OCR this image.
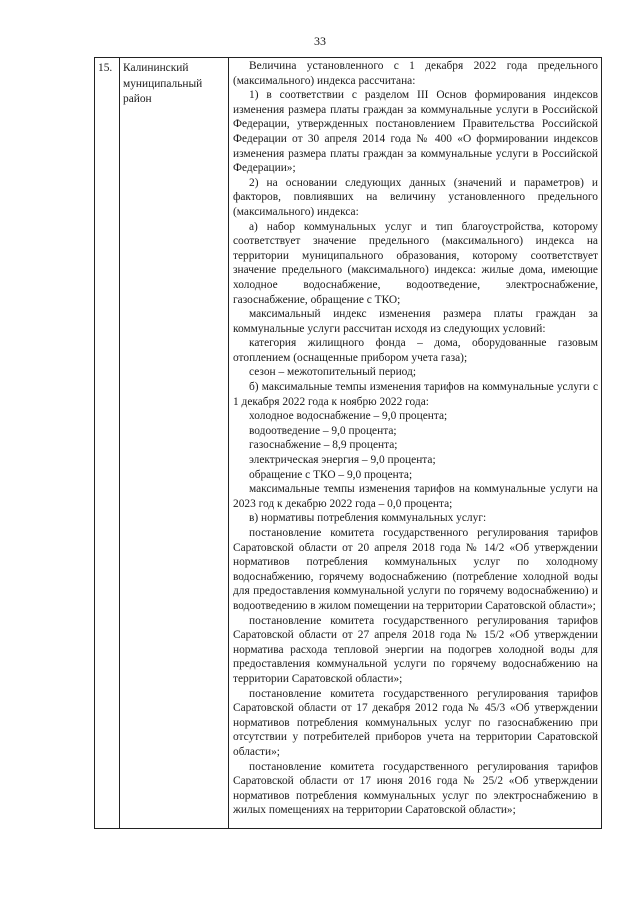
33
15. Калининский муниципальный район

Величина установленного с 1 декабря 2022 года предельного (максимального) индекса рассчитана:

1) в соответствии с разделом III Основ формирования индексов изменения размера платы граждан за коммунальные услуги в Российской Федерации, утвержденных постановлением Правительства Российской Федерации от 30 апреля 2014 года № 400 «О формировании индексов изменения размера платы граждан за коммунальные услуги в Российской Федерации»;

2) на основании следующих данных (значений и параметров) и факторов, повлиявших на величину установленного предельного (максимального) индекса:

а) набор коммунальных услуг и тип благоустройства, которому соответствует значение предельного (максимального) индекса на территории муниципального образования, которому соответствует значение предельного (максимального) индекса: жилые дома, имеющие холодное водоснабжение, водоотведение, электроснабжение, газоснабжение, обращение с ТКО;

максимальный индекс изменения размера платы граждан за коммунальные услуги рассчитан исходя из следующих условий:

категория жилищного фонда – дома, оборудованные газовым отоплением (оснащенные прибором учета газа);

сезон – межотопительный период;

б) максимальные темпы изменения тарифов на коммунальные услуги с 1 декабря 2022 года к ноябрю 2022 года:

холодное водоснабжение – 9,0 процента;

водоотведение – 9,0 процента;

газоснабжение – 8,9 процента;

электрическая энергия – 9,0 процента;

обращение с ТКО – 9,0 процента;

максимальные темпы изменения тарифов на коммунальные услуги на 2023 год к декабрю 2022 года – 0,0 процента;

в) нормативы потребления коммунальных услуг:

постановление комитета государственного регулирования тарифов Саратовской области от 20 апреля 2018 года № 14/2 «Об утверждении нормативов потребления коммунальных услуг по холодному водоснабжению, горячему водоснабжению (потребление холодной воды для предоставления коммунальной услуги по горячему водоснабжению) и водоотведению в жилом помещении на территории Саратовской области»;

постановление комитета государственного регулирования тарифов Саратовской области от 27 апреля 2018 года № 15/2 «Об утверждении норматива расхода тепловой энергии на подогрев холодной воды для предоставления коммунальной услуги по горячему водоснабжению на территории Саратовской области»;

постановление комитета государственного регулирования тарифов Саратовской области от 17 декабря 2012 года № 45/3 «Об утверждении нормативов потребления коммунальных услуг по газоснабжению при отсутствии у потребителей приборов учета на территории Саратовской области»;

постановление комитета государственного регулирования тарифов Саратовской области от 17 июня 2016 года № 25/2 «Об утверждении нормативов потребления коммунальных услуг по электроснабжению в жилых помещениях на территории Саратовской области»;
